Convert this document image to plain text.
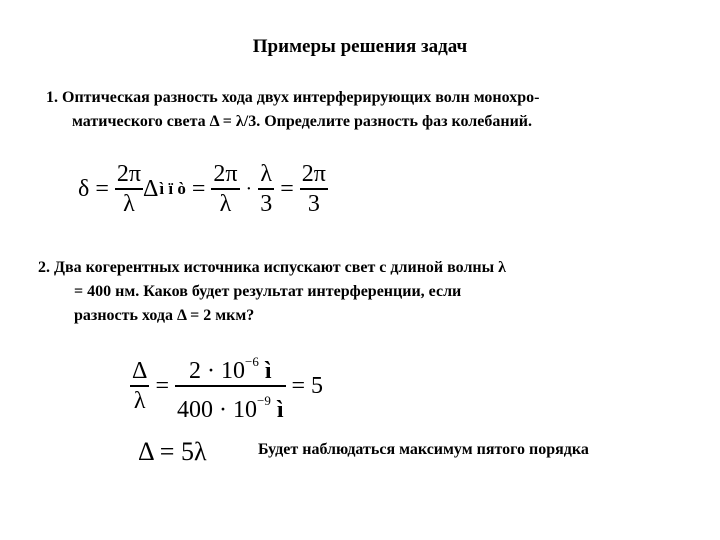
Примеры решения задач
1. Оптическая разность хода двух интерферирующих волн монохро-
матического света Δ = λ/3. Определите разность фаз колебаний.
$\delta = \frac{2\pi}{\lambda}$ Δ ì ï ò = $\frac{2\pi}{\lambda} \cdot \frac{\lambda}{3} = \frac{2\pi}{3}$
2. Два когерентных источника испускают свет с длиной волны λ
= 400 нм. Каков будет результат интерференции, если
разность хода Δ = 2 мкм?
$\frac{\Delta}{\lambda} = \frac{2 \cdot 10^{-6} ì}{400 \cdot 10^{-9} ì} = 5$
Δ = 5λ	Будет наблюдаться максимум пятого порядка
